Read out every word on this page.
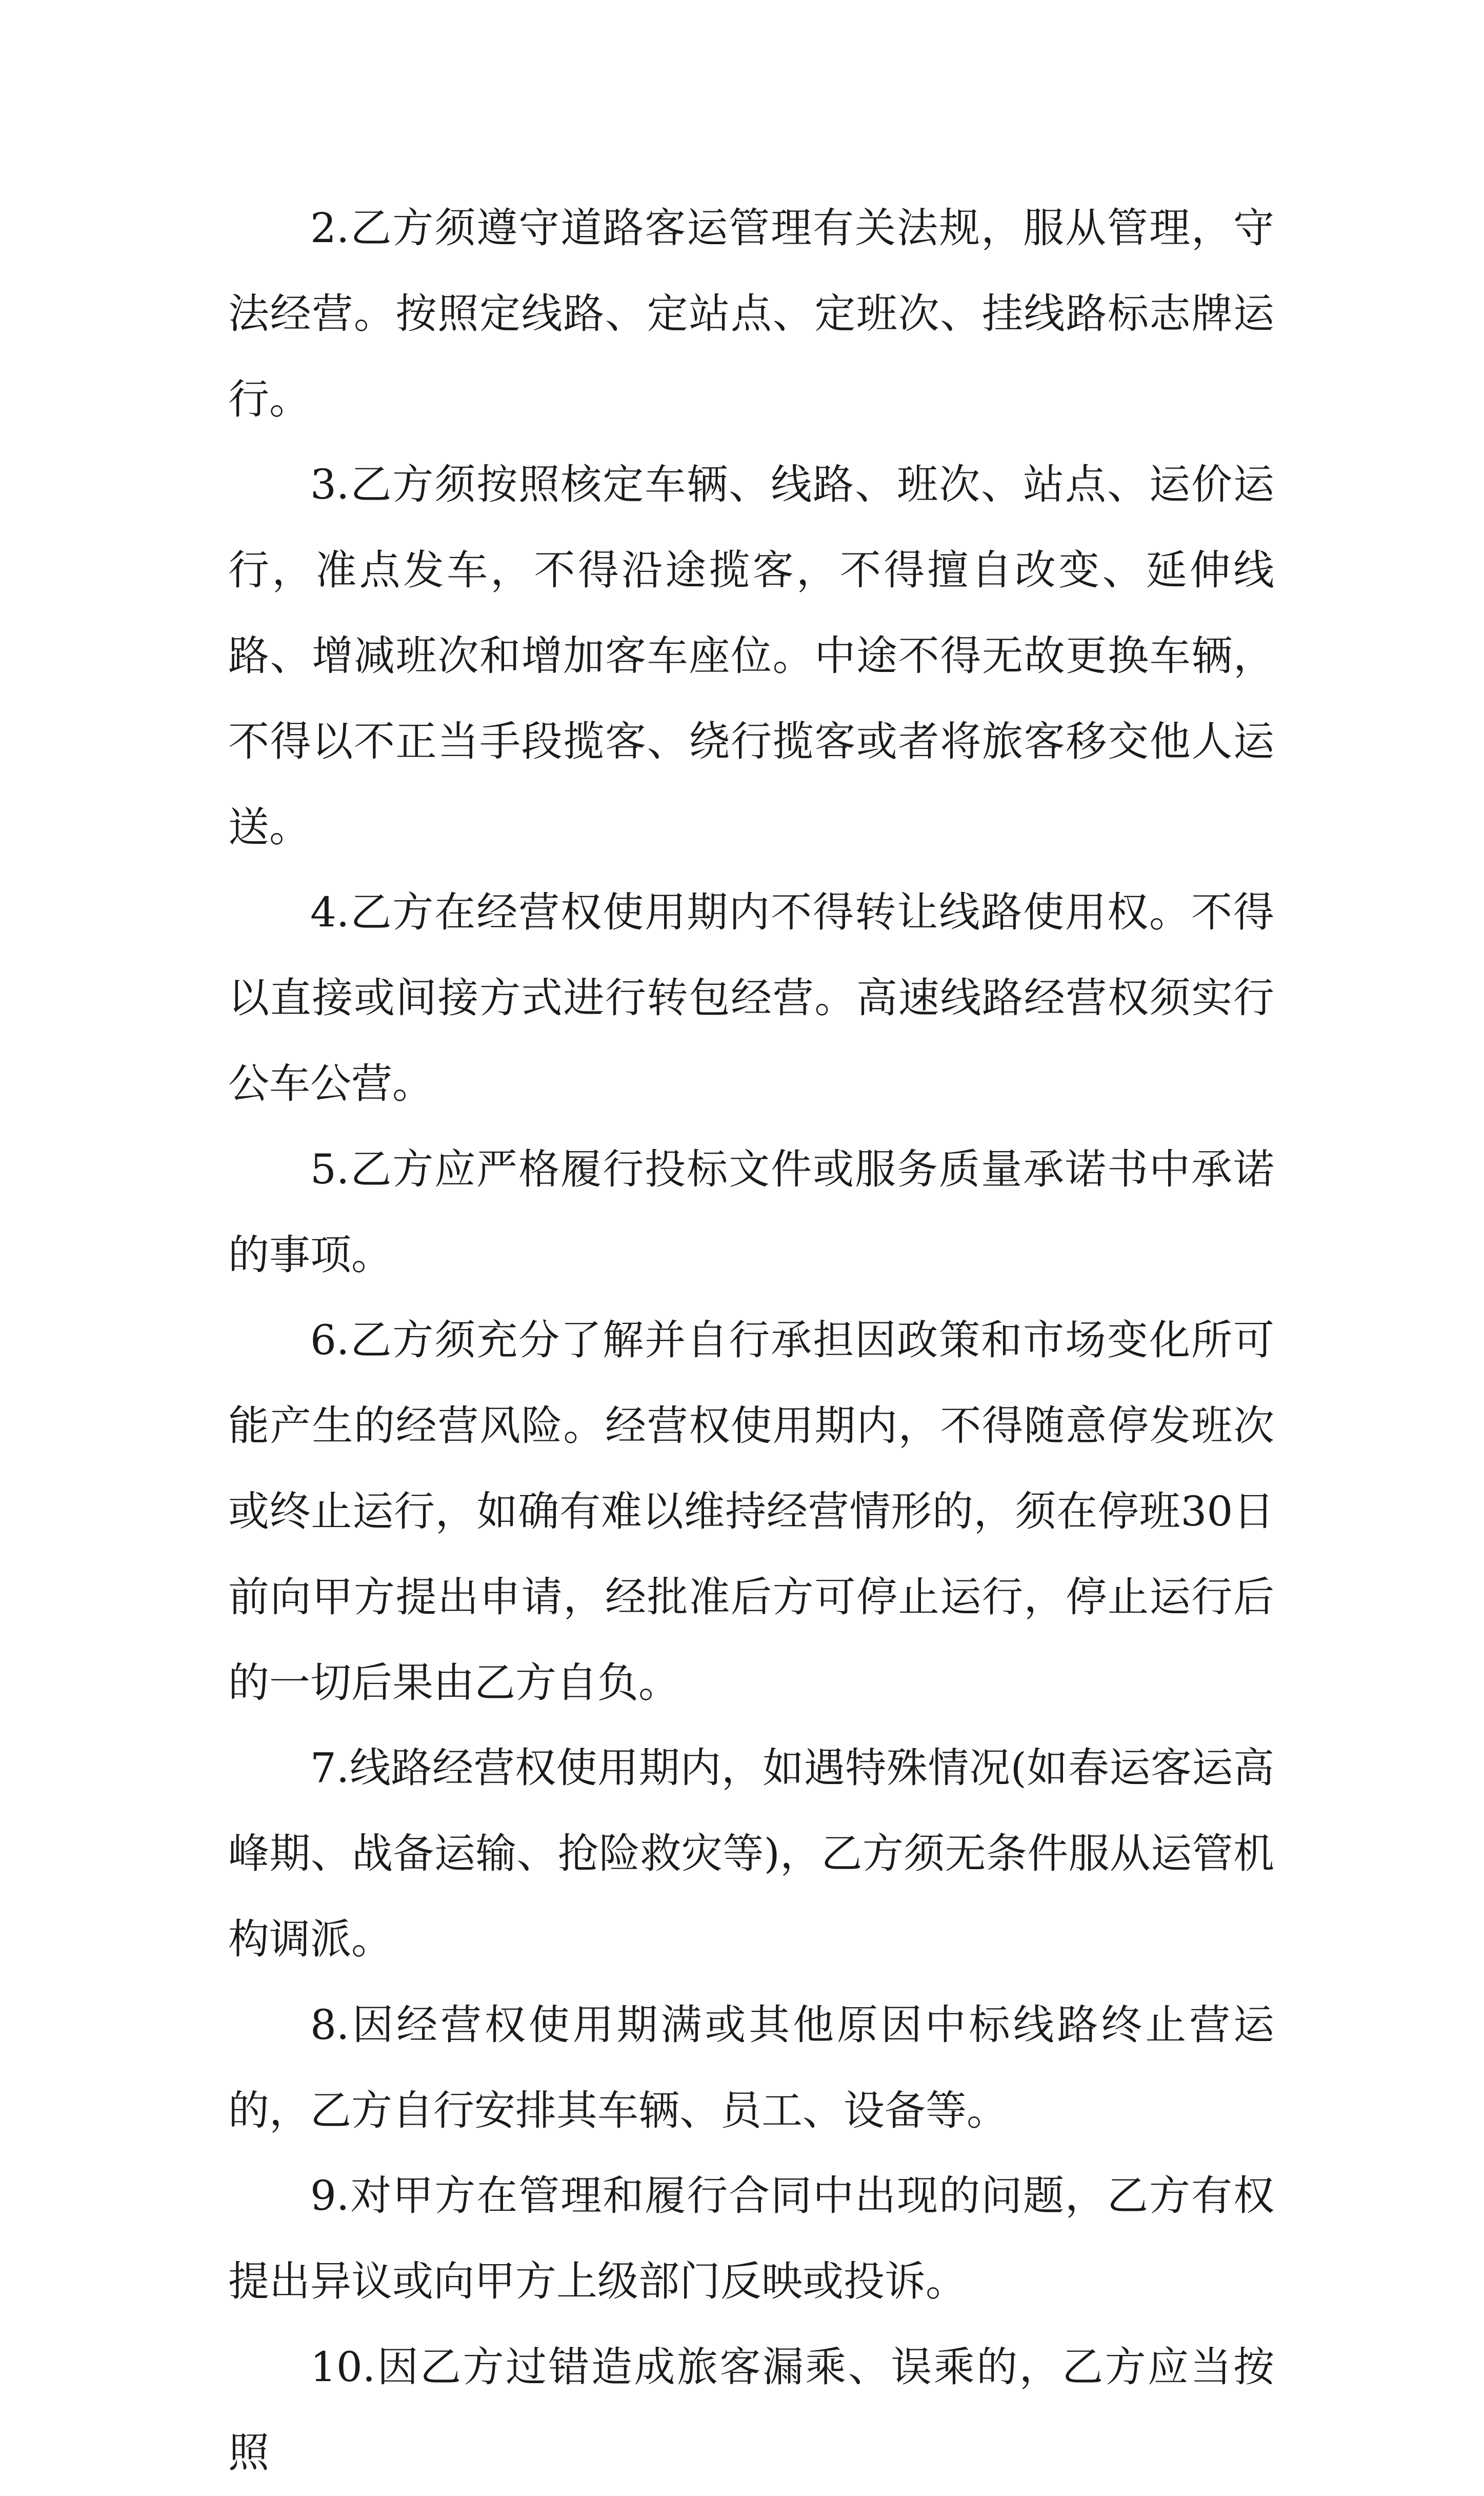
2.乙方须遵守道路客运管理有关法规，服从管理，守法经营。按照定线路、定站点、定班次、挂线路标志牌运行。

3.乙方须按照核定车辆、线路、班次、站点、运价运行，准点发车，不得沿途揽客，不得擅自改变、延伸线路、增减班次和增加客车座位。中途不得无故更换车辆，不得以不正当手段揽客、绕行揽客或者将旅客移交他人运送。

4.乙方在经营权使用期内不得转让线路使用权。不得以直接或间接方式进行转包经营。高速线路经营权须实行公车公营。

5.乙方应严格履行投标文件或服务质量承诺书中承诺的事项。

6.乙方须充分了解并自行承担因政策和市场变化所可能产生的经营风险。经营权使用期内，不得随意停发班次或终止运行，如确有难以维持经营情形的，须在停班30日前向甲方提出申请，经批准后方可停止运行，停止运行后的一切后果由乙方自负。

7.线路经营权使用期内，如遇特殊情况(如春运客运高峰期、战备运输、抢险救灾等)，乙方须无条件服从运管机构调派。

8.因经营权使用期满或其他原因中标线路终止营运的，乙方自行安排其车辆、员工、设备等。

9.对甲方在管理和履行合同中出现的问题，乙方有权提出异议或向甲方上级部门反映或投诉。

10.因乙方过错造成旅客漏乘、误乘的，乙方应当按照
